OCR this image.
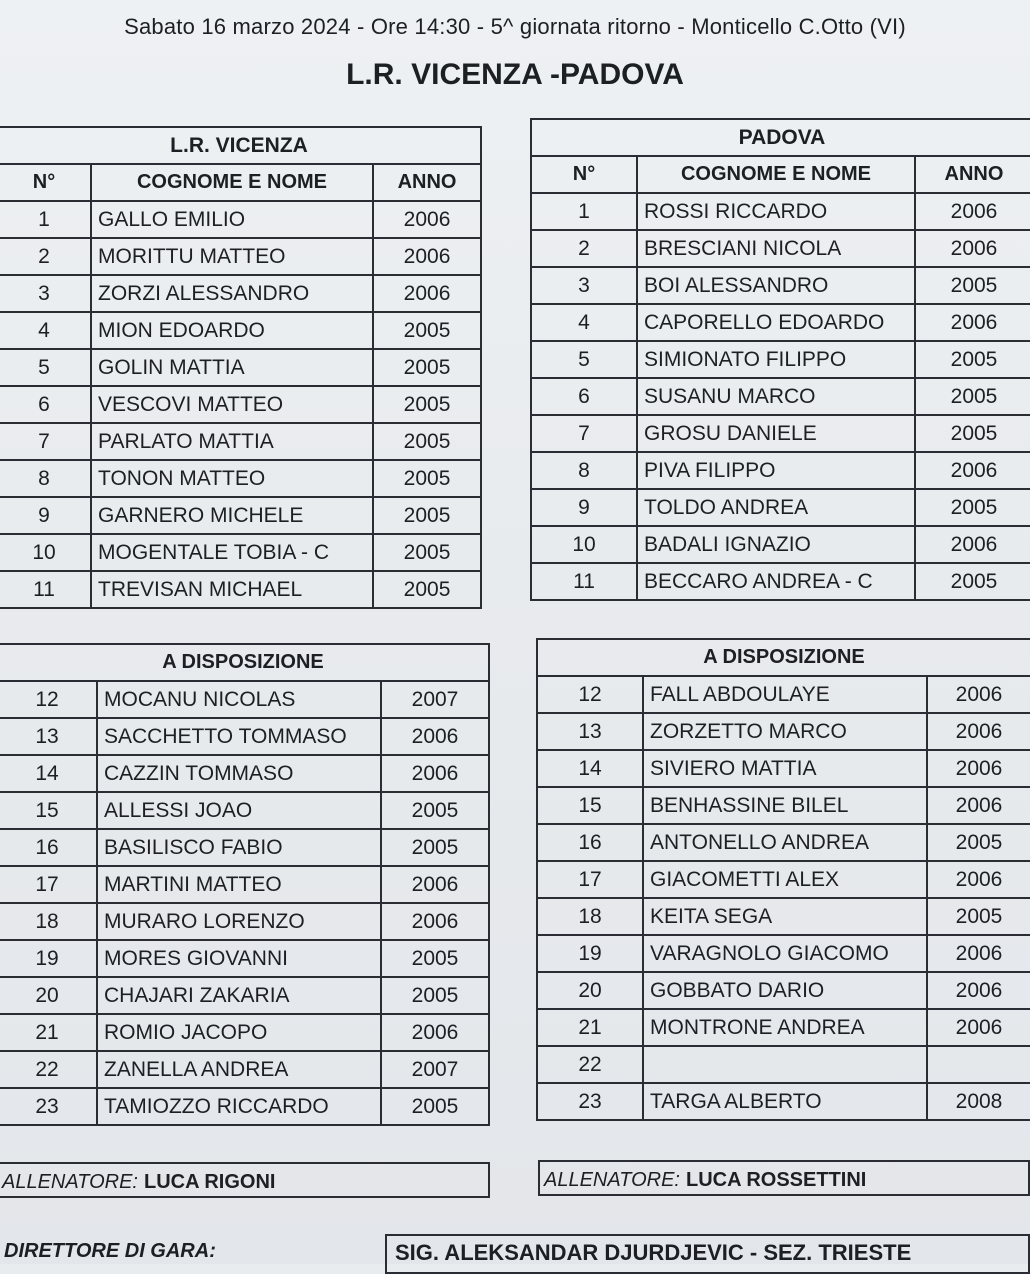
Sabato 16 marzo 2024 - Ore 14:30 - 5^ giornata ritorno - Monticello C.Otto (VI)
L.R. VICENZA -PADOVA
L.R. VICENZA		
N°	COGNOME E NOME	ANNO
1	GALLO EMILIO	2006
2	MORITTU MATTEO	2006
3	ZORZI ALESSANDRO	2006
4	MION EDOARDO	2005
5	GOLIN MATTIA	2005
6	VESCOVI MATTEO	2005
7	PARLATO MATTIA	2005
8	TONON MATTEO	2005
9	GARNERO MICHELE	2005
10	MOGENTALE TOBIA - C	2005
11	TREVISAN MICHAEL	2005
PADOVA		
N°	COGNOME E NOME	ANNO
1	ROSSI RICCARDO	2006
2	BRESCIANI NICOLA	2006
3	BOI ALESSANDRO	2005
4	CAPORELLO EDOARDO	2006
5	SIMIONATO FILIPPO	2005
6	SUSANU MARCO	2005
7	GROSU DANIELE	2005
8	PIVA FILIPPO	2006
9	TOLDO ANDREA	2005
10	BADALI IGNAZIO	2006
11	BECCARO ANDREA - C	2005
A DISPOSIZIONE		
12	MOCANU NICOLAS	2007
13	SACCHETTO TOMMASO	2006
14	CAZZIN TOMMASO	2006
15	ALLESSI JOAO	2005
16	BASILISCO FABIO	2005
17	MARTINI MATTEO	2006
18	MURARO LORENZO	2006
19	MORES GIOVANNI	2005
20	CHAJARI ZAKARIA	2005
21	ROMIO JACOPO	2006
22	ZANELLA ANDREA	2007
23	TAMIOZZO RICCARDO	2005
A DISPOSIZIONE		
12	FALL ABDOULAYE	2006
13	ZORZETTO MARCO	2006
14	SIVIERO MATTIA	2006
15	BENHASSINE BILEL	2006
16	ANTONELLO ANDREA	2005
17	GIACOMETTI ALEX	2006
18	KEITA SEGA	2005
19	VARAGNOLO GIACOMO	2006
20	GOBBATO DARIO	2006
21	MONTRONE ANDREA	2006
22		
23	TARGA ALBERTO	2008
ALLENATORE: LUCA RIGONI	ALLENATORE: LUCA ROSSETTINI
DIRETTORE DI GARA:	SIG. ALEKSANDAR DJURDJEVIC - SEZ. TRIESTE
